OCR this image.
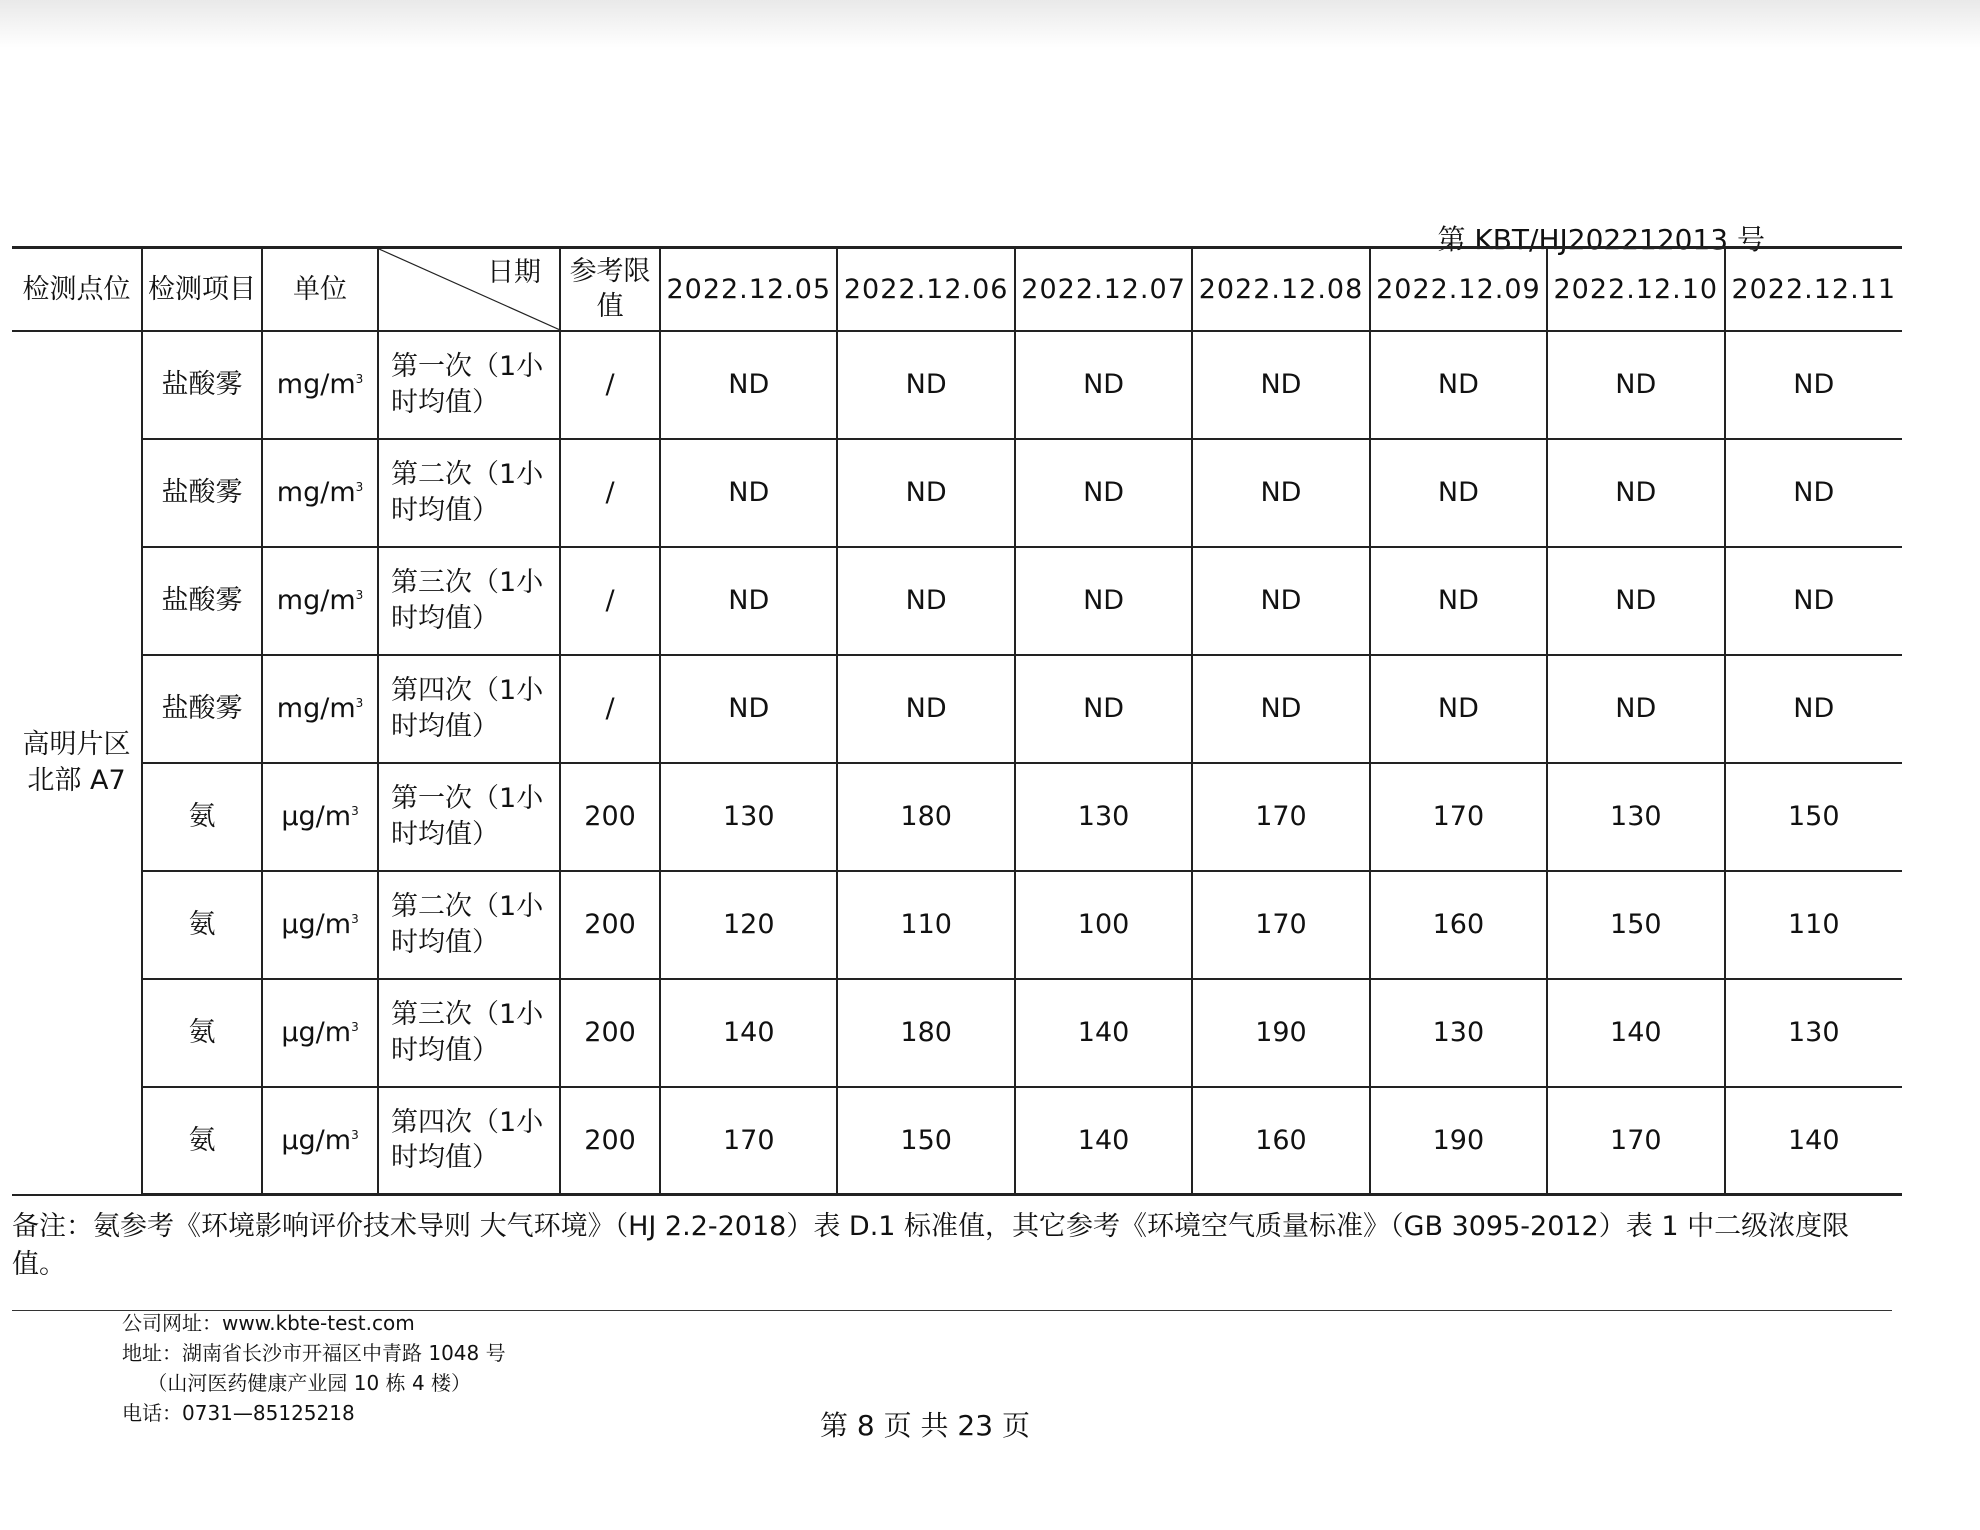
第 KBT/HJ202212013 号
检测点位	检测项目	单位	日期	参考限值	2022.12.05	2022.12.06	2022.12.07	2022.12.08	2022.12.09	2022.12.10	2022.12.11
高明片区北部 A7	盐酸雾	$mg/m^3$	第一次（1小时均值）	/	ND	ND	ND	ND	ND	ND	ND
	盐酸雾	$mg/m^3$	第二次（1小时均值）	/	ND	ND	ND	ND	ND	ND	ND
	盐酸雾	$mg/m^3$	第三次（1小时均值）	/	ND	ND	ND	ND	ND	ND	ND
	盐酸雾	$mg/m^3$	第四次（1小时均值）	/	ND	ND	ND	ND	ND	ND	ND
	氨	$\mu g/m^3$	第一次（1小时均值）	200	130	180	130	170	170	130	150
	氨	$\mu g/m^3$	第二次（1小时均值）	200	120	110	100	170	160	150	110
	氨	$\mu g/m^3$	第三次（1小时均值）	200	140	180	140	190	130	140	130
	氨	$\mu g/m^3$	第四次（1小时均值）	200	170	150	140	160	190	170	140
备注：氨参考《环境影响评价技术导则 大气环境》（HJ 2.2-2018）表 D.1 标准值，其它参考《环境空气质量标准》（GB 3095-2012）表 1 中二级浓度限值。
公司网址：www.kbte-test.com
地址：湖南省长沙市开福区中青路 1048 号
（山河医药健康产业园 10 栋 4 楼）
电话：0731—85125218	第 8 页 共 23 页
